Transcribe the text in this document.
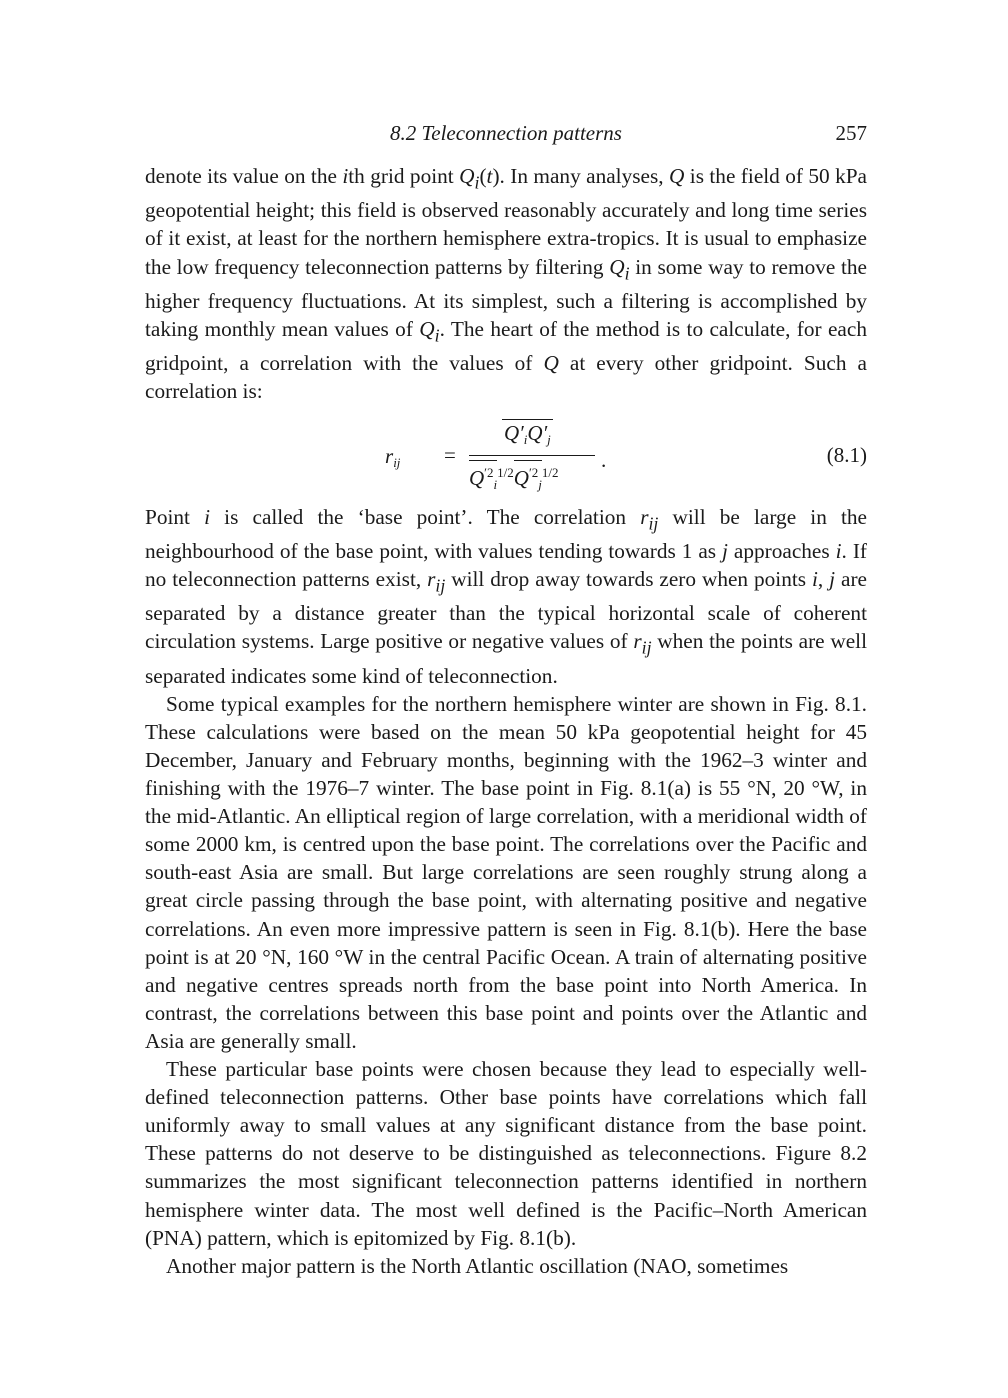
8.2 Teleconnection patterns	257

denote its value on the ith grid point $Q_i(t)$. In many analyses, Q is the field of 50 kPa geopotential height; this field is observed reasonably accurately and long time series of it exist, at least for the northern hemisphere extra-tropics. It is usual to emphasize the low frequency teleconnection patterns by filtering $Q_i$ in some way to remove the higher frequency fluctuations. At its simplest, such a filtering is accomplished by taking monthly mean values of $Q_i$. The heart of the method is to calculate, for each gridpoint, a correlation with the values of Q at every other gridpoint. Such a correlation is:

$r_{ij}$ =
$Q'_iQ'_j$
$Q^{'2}_i^{1/2}Q^{'2}_j^{1/2}$
.	(8.1)

Point i is called the ‘base point’. The correlation $r_{ij}$ will be large in the neighbourhood of the base point, with values tending towards 1 as j approaches i. If no teleconnection patterns exist, $r_{ij}$ will drop away towards zero when points i, j are separated by a distance greater than the typical horizontal scale of coherent circulation systems. Large positive or negative values of $r_{ij}$ when the points are well separated indicates some kind of teleconnection.

Some typical examples for the northern hemisphere winter are shown in Fig. 8.1. These calculations were based on the mean 50 kPa geopotential height for 45 December, January and February months, beginning with the 1962–3 winter and finishing with the 1976–7 winter. The base point in Fig. 8.1(a) is 55 °N, 20 °W, in the mid-Atlantic. An elliptical region of large correlation, with a meridional width of some 2000 km, is centred upon the base point. The correlations over the Pacific and south-east Asia are small. But large correlations are seen roughly strung along a great circle passing through the base point, with alternating positive and negative correlations. An even more impressive pattern is seen in Fig. 8.1(b). Here the base point is at 20 °N, 160 °W in the central Pacific Ocean. A train of alternating positive and negative centres spreads north from the base point into North America. In contrast, the correlations between this base point and points over the Atlantic and Asia are generally small.

These particular base points were chosen because they lead to especially well-defined teleconnection patterns. Other base points have correlations which fall uniformly away to small values at any significant distance from the base point. These patterns do not deserve to be distinguished as teleconnections. Figure 8.2 summarizes the most significant teleconnection patterns identified in northern hemisphere winter data. The most well defined is the Pacific–North American (PNA) pattern, which is epitomized by Fig. 8.1(b).

Another major pattern is the North Atlantic oscillation (NAO, sometimes
